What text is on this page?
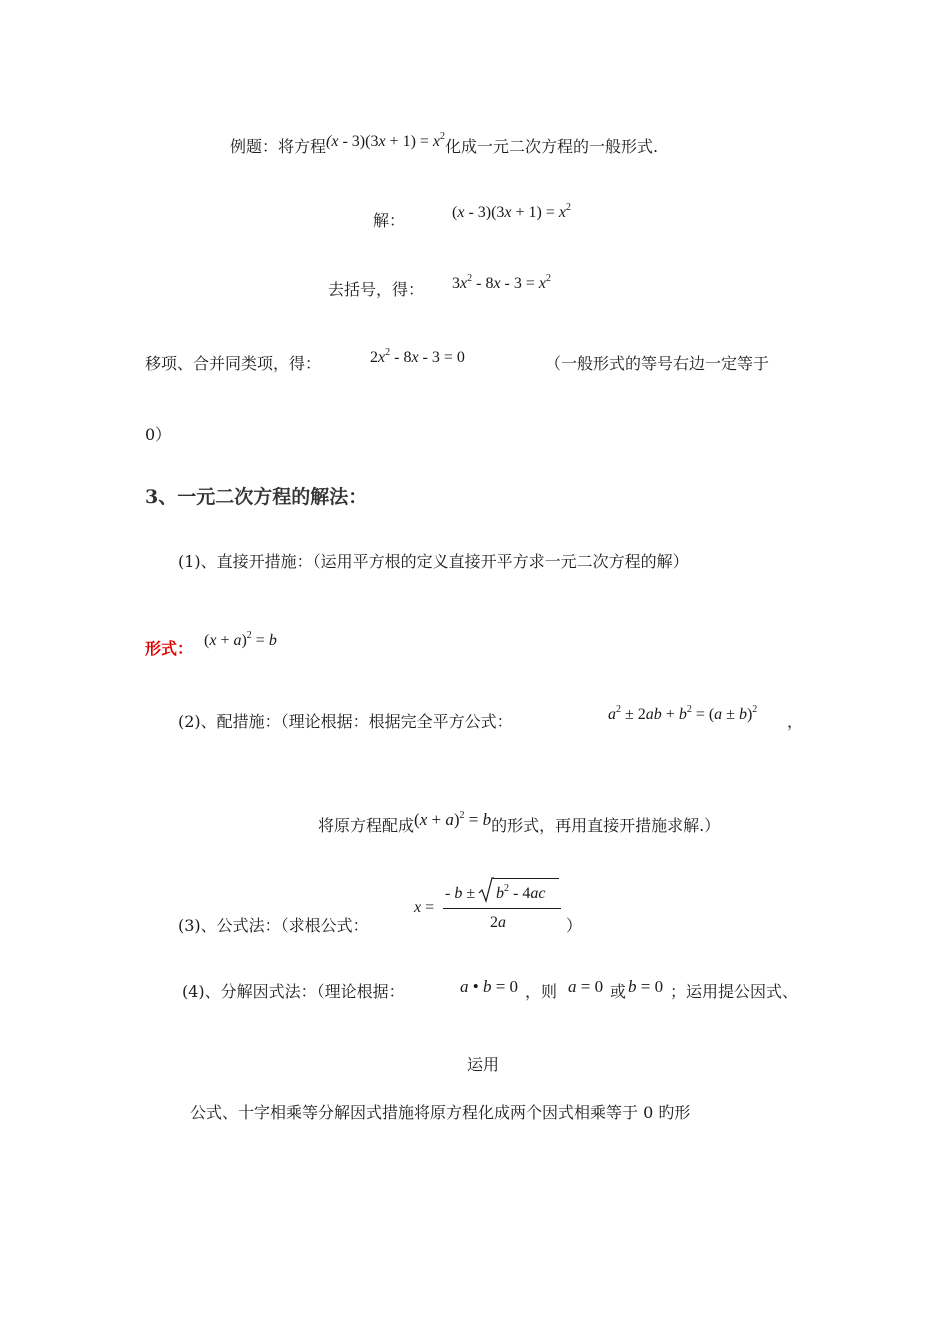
例题：将方程$(x - 3)(3x + 1) = x^2$化成一元二次方程的一般形式.
解：	$(x - 3)(3x + 1) = x^2$
去括号，得： $3x^2 - 8x - 3 = x^2$
移项、合并同类项，得：	$2x^2 - 8x - 3 = 0$	（一般形式的等号右边一定等于
0）
3、一元二次方程的解法：
(1)、直接开措施：（运用平方根的定义直接开平方求一元二次方程的解）
形式： $(x + a)^2 = b$
(2)、配措施：（理论根据：根据完全平方公式：	$a^2 \pm 2ab + b^2 = (a \pm b)^2$
，
将原方程配成$(x + a)^2 = b$的形式，再用直接开措施求解.）
(3)、公式法：（求根公式：
x =
- $b \pm b^2 - 4ac$
2a	）
(4)、分解因式法：（理论根据：	a • b = 0 ，则 a = 0 或 b = 0 ；运用提公因式、
运用
公式、十字相乘等分解因式措施将原方程化成两个因式相乘等于 0 旳形
